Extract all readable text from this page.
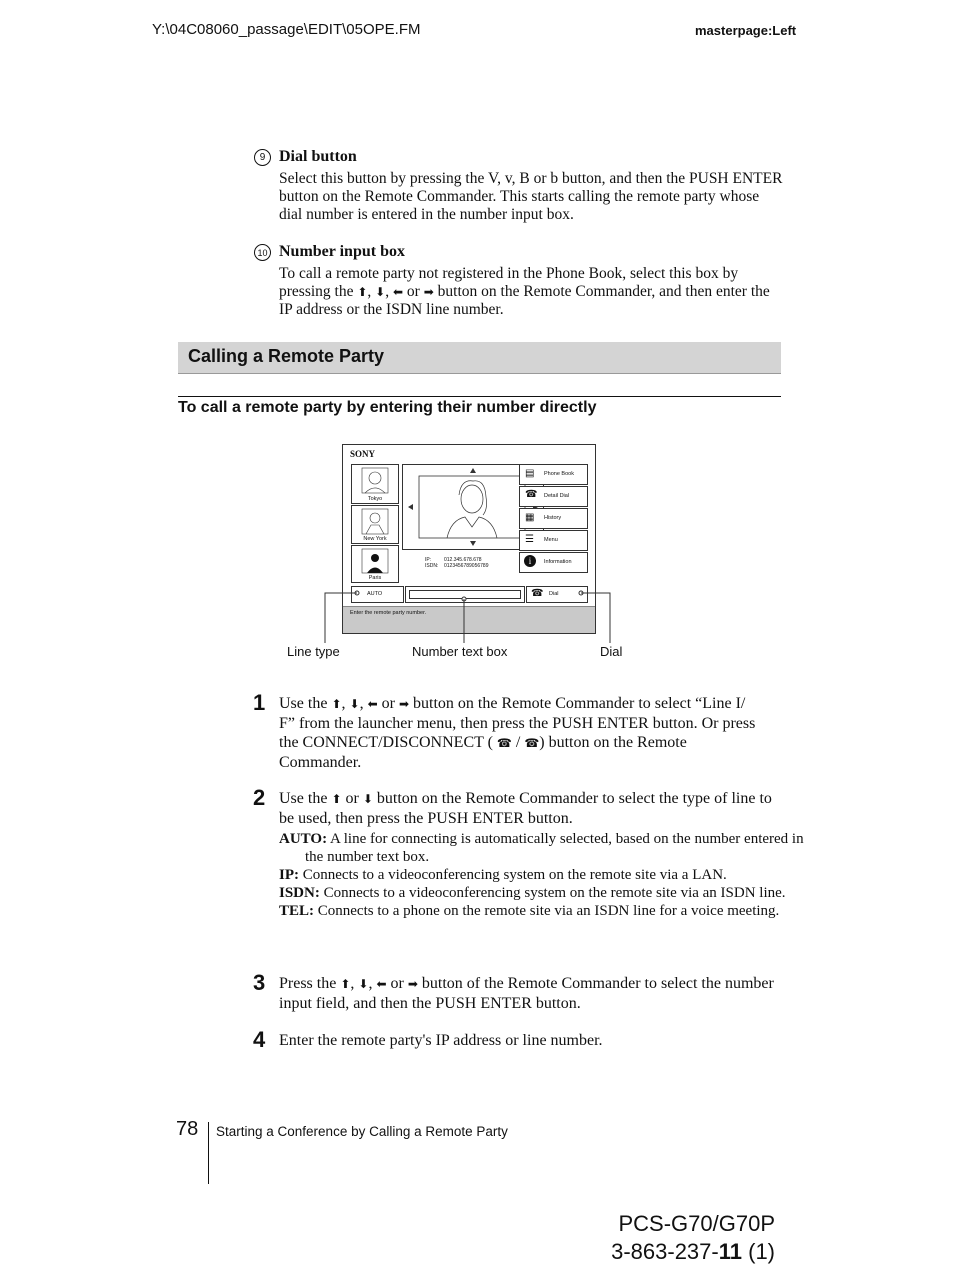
Y:\04C08060_passage\EDIT\05OPE.FM	masterpage:Left
9 Dial button
Select this button by pressing the V, v, B or b button, and then the PUSH ENTER button on the Remote Commander. This starts calling the remote party whose dial number is entered in the number input box.
10 Number input box
To call a remote party not registered in the Phone Book, select this box by pressing the ⬆, ⬇, ⬅ or ➡ button on the Remote Commander, and then enter the IP address or the ISDN line number.
Calling a Remote Party
To call a remote party by entering their number directly
SONY
Tokyo
New York
Paris
IP:	012.345.678.678
ISDN: 0123456789056789
▤ Phone Book
☎ Detail Dial
▦ History
☰ Menu
i	Information
AUTO	☎ Dial
Enter the remote party number.
Line type	Number text box	Dial
1 Use the ⬆, ⬇, ⬅ or ➡ button on the Remote Commander to select “Line I/
F” from the launcher menu, then press the PUSH ENTER button. Or press
the CONNECT/DISCONNECT ( ☎ / ☎) button on the Remote
Commander.
2 Use the ⬆ or ⬇ button on the Remote Commander to select the type of line to be used, then press the PUSH ENTER button.
AUTO: A line for connecting is automatically selected, based on the number entered in the number text box.
IP: Connects to a videoconferencing system on the remote site via a LAN.
ISDN: Connects to a videoconferencing system on the remote site via an ISDN line.
TEL: Connects to a phone on the remote site via an ISDN line for a voice meeting.
3 Press the ⬆, ⬇, ⬅ or ➡ button of the Remote Commander to select the number input field, and then the PUSH ENTER button.
4 Enter the remote party's IP address or line number.
78 Starting a Conference by Calling a Remote Party
PCS-G70/G70P
3-863-237-11 (1)
